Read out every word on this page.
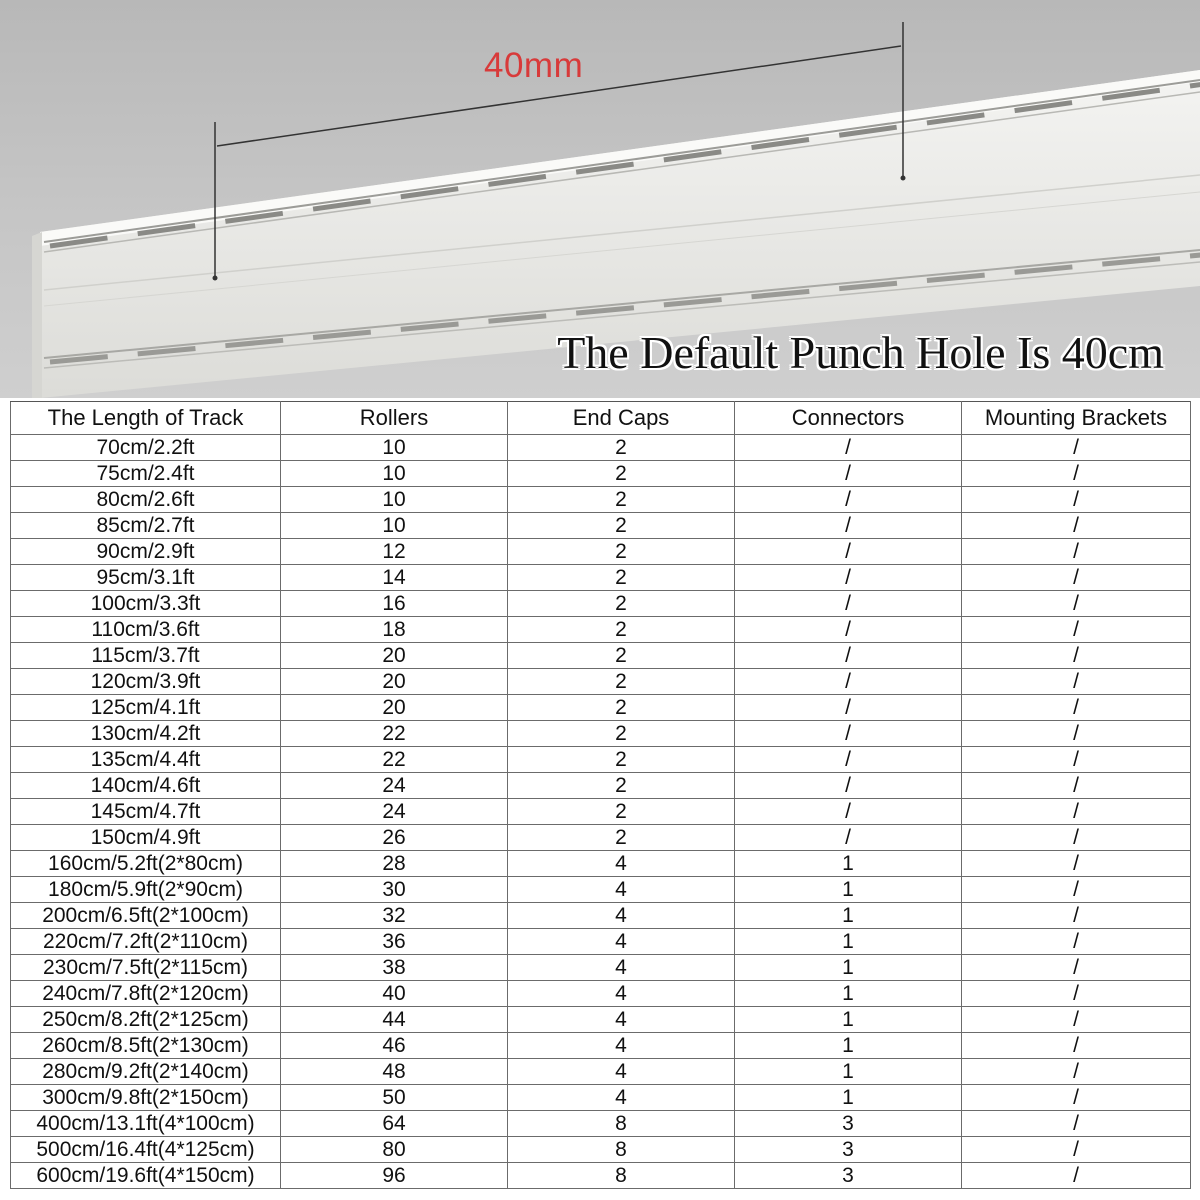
40mm
The Default Punch Hole Is 40cm
The Length of Track	Rollers	End Caps	Connectors	Mounting Brackets
70cm/2.2ft	10	2	/	/
75cm/2.4ft	10	2	/	/
80cm/2.6ft	10	2	/	/
85cm/2.7ft	10	2	/	/
90cm/2.9ft	12	2	/	/
95cm/3.1ft	14	2	/	/
100cm/3.3ft	16	2	/	/
110cm/3.6ft	18	2	/	/
115cm/3.7ft	20	2	/	/
120cm/3.9ft	20	2	/	/
125cm/4.1ft	20	2	/	/
130cm/4.2ft	22	2	/	/
135cm/4.4ft	22	2	/	/
140cm/4.6ft	24	2	/	/
145cm/4.7ft	24	2	/	/
150cm/4.9ft	26	2	/	/
160cm/5.2ft(2*80cm)	28	4	1	/
180cm/5.9ft(2*90cm)	30	4	1	/
200cm/6.5ft(2*100cm)	32	4	1	/
220cm/7.2ft(2*110cm)	36	4	1	/
230cm/7.5ft(2*115cm)	38	4	1	/
240cm/7.8ft(2*120cm)	40	4	1	/
250cm/8.2ft(2*125cm)	44	4	1	/
260cm/8.5ft(2*130cm)	46	4	1	/
280cm/9.2ft(2*140cm)	48	4	1	/
300cm/9.8ft(2*150cm)	50	4	1	/
400cm/13.1ft(4*100cm)	64	8	3	/
500cm/16.4ft(4*125cm)	80	8	3	/
600cm/19.6ft(4*150cm)	96	8	3	/
